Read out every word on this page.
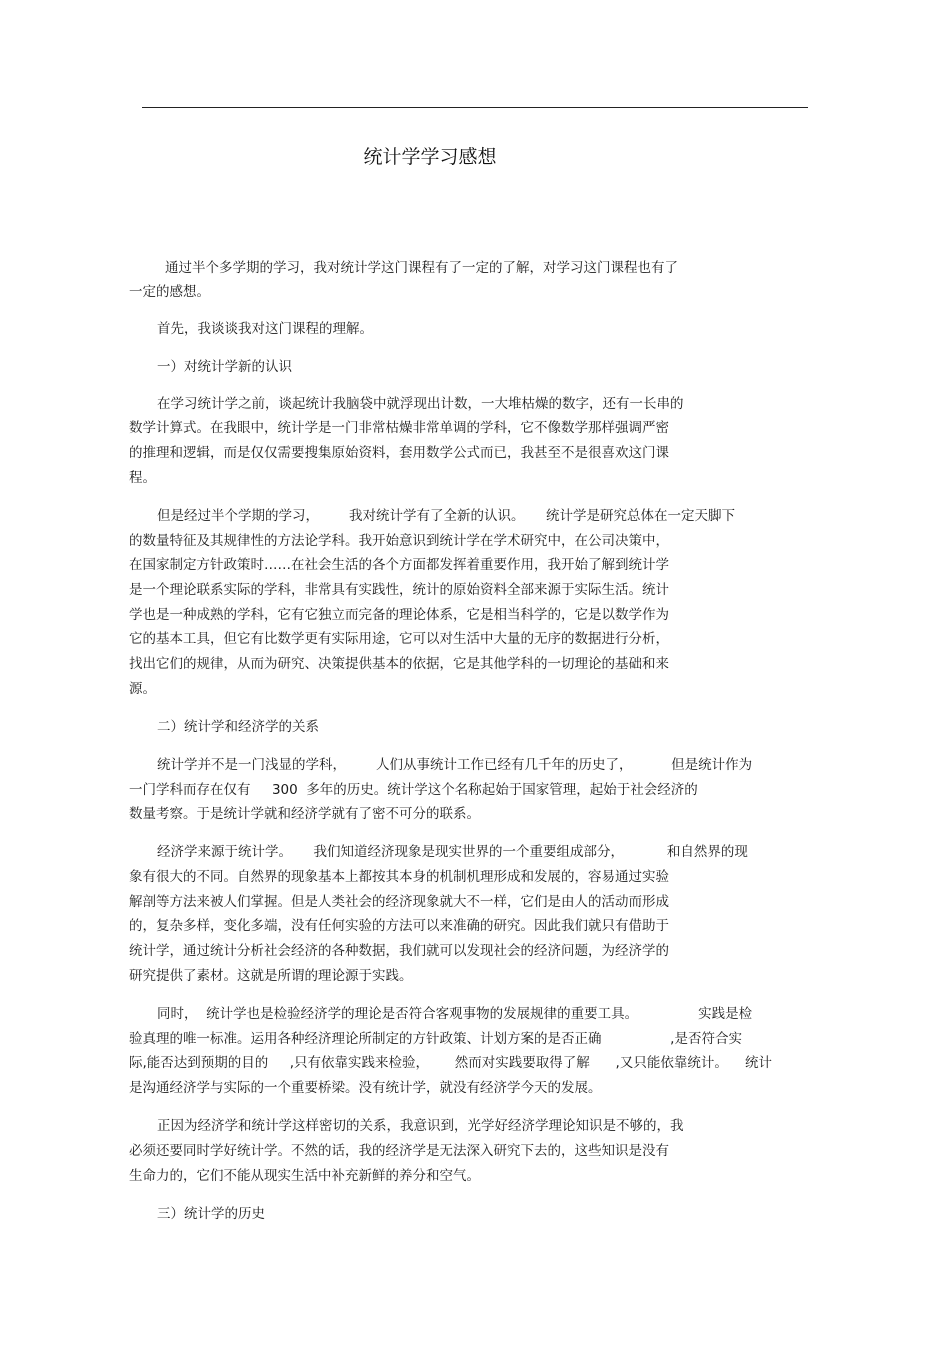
统计学学习感想
通过半个多学期的学习，我对统计学这门课程有了一定的了解，对学习这门课程也有了
一定的感想。
首先，我谈谈我对这门课程的理解。
一）对统计学新的认识
在学习统计学之前，谈起统计我脑袋中就浮现出计数，一大堆枯燥的数字，还有一长串的
数学计算式。在我眼中，统计学是一门非常枯燥非常单调的学科，它不像数学那样强调严密
的推理和逻辑，而是仅仅需要搜集原始资料，套用数学公式而已，我甚至不是很喜欢这门课
程。
但是经过半个学期的学习，       我对统计学有了全新的认识。     统计学是研究总体在一定天脚下
的数量特征及其规律性的方法论学科。我开始意识到统计学在学术研究中，在公司决策中，
在国家制定方针政策时……在社会生活的各个方面都发挥着重要作用，我开始了解到统计学
是一个理论联系实际的学科，非常具有实践性，统计的原始资料全部来源于实际生活。统计
学也是一种成熟的学科，它有它独立而完备的理论体系，它是相当科学的，它是以数学作为
它的基本工具，但它有比数学更有实际用途，它可以对生活中大量的无序的数据进行分析，
找出它们的规律，从而为研究、决策提供基本的依据，它是其他学科的一切理论的基础和来
源。
二）统计学和经济学的关系
统计学并不是一门浅显的学科，       人们从事统计工作已经有几千年的历史了，         但是统计作为
一门学科而存在仅有     300  多年的历史。统计学这个名称起始于国家管理，起始于社会经济的
数量考察。于是统计学就和经济学就有了密不可分的联系。
经济学来源于统计学。     我们知道经济现象是现实世界的一个重要组成部分，          和自然界的现
象有很大的不同。自然界的现象基本上都按其本身的机制机理形成和发展的，容易通过实验
解剖等方法来被人们掌握。但是人类社会的经济现象就大不一样，它们是由人的活动而形成
的，复杂多样，变化多端，没有任何实验的方法可以来准确的研究。因此我们就只有借助于
统计学，通过统计分析社会经济的各种数据，我们就可以发现社会的经济问题，为经济学的
研究提供了素材。这就是所谓的理论源于实践。
同时，  统计学也是检验经济学的理论是否符合客观事物的发展规律的重要工具。              实践是检
验真理的唯一标准。运用各种经济理论所制定的方针政策、计划方案的是否正确                ,是否符合实
际,能否达到预期的目的     ,只有依靠实践来检验，      然而对实践要取得了解      ,又只能依靠统计。    统计
是沟通经济学与实际的一个重要桥梁。没有统计学，就没有经济学今天的发展。
正因为经济学和统计学这样密切的关系，我意识到，光学好经济学理论知识是不够的，我
必须还要同时学好统计学。不然的话，我的经济学是无法深入研究下去的，这些知识是没有
生命力的，它们不能从现实生活中补充新鲜的养分和空气。
三）统计学的历史
